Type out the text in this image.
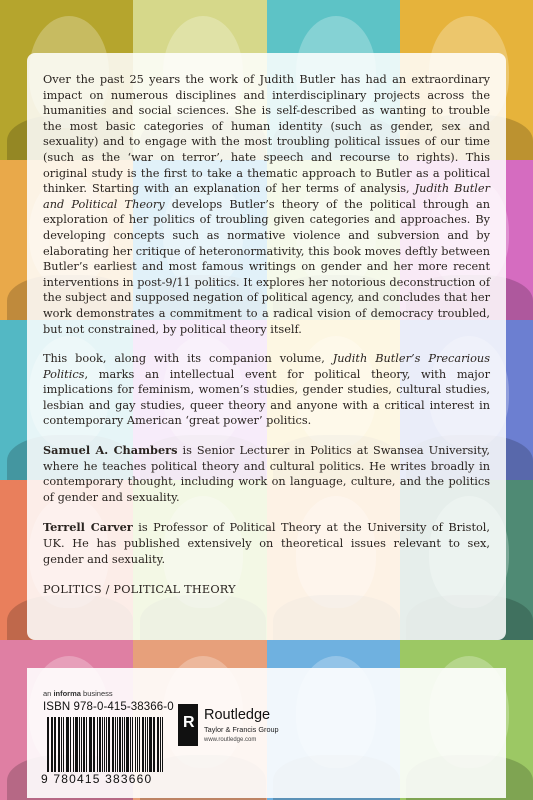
Over the past 25 years the work of Judith Butler has had an extraordinary impact on numerous disciplines and interdisciplinary projects across the humanities and social sciences. She is self-described as wanting to trouble the most basic categories of human identity (such as gender, sex and sexuality) and to engage with the most troubling political issues of our time (such as the ‘war on terror’, hate speech and recourse to rights). This original study is the first to take a thematic approach to Butler as a political thinker. Starting with an explanation of her terms of analysis, Judith Butler and Political Theory develops Butler’s theory of the political through an exploration of her politics of troubling given categories and approaches. By developing concepts such as normative violence and subversion and by elaborating her critique of heteronormativity, this book moves deftly between Butler’s earliest and most famous writings on gender and her more recent interventions in post-9/11 politics. It explores her notorious deconstruction of the subject and supposed negation of political agency, and concludes that her work demonstrates a commitment to a radical vision of democracy troubled, but not constrained, by political theory itself.

This book, along with its companion volume, Judith Butler’s Precarious Politics, marks an intellectual event for political theory, with major implications for feminism, women’s studies, gender studies, cultural studies, lesbian and gay studies, queer theory and anyone with a critical interest in contemporary American ‘great power’ politics.

Samuel A. Chambers is Senior Lecturer in Politics at Swansea University, where he teaches political theory and cultural politics. He writes broadly in contemporary thought, including work on language, culture, and the politics of gender and sexuality.

Terrell Carver is Professor of Political Theory at the University of Bristol, UK. He has published extensively on theoretical issues relevant to sex, gender and sexuality.

POLITICS / POLITICAL THEORY
an informa business
ISBN 978-0-415-38366-0
9 780415 383660
R Routledge
Taylor & Francis Group
www.routledge.com
